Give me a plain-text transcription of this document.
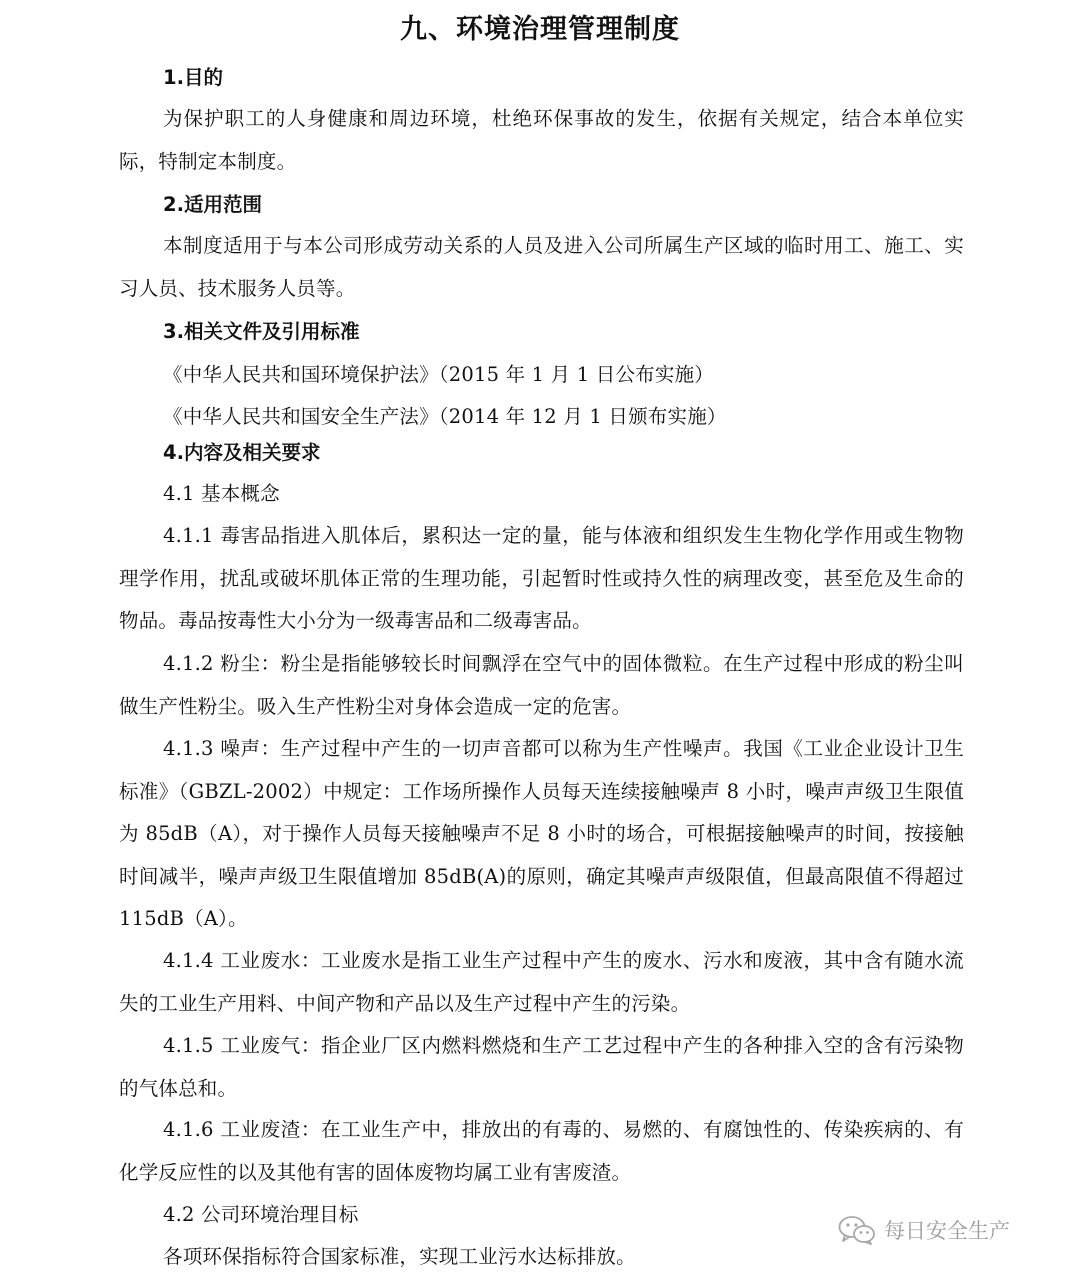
九、环境治理管理制度
1.目的
为保护职工的人身健康和周边环境，杜绝环保事故的发生，依据有关规定，结合本单位实际，特制定本制度。
2.适用范围
本制度适用于与本公司形成劳动关系的人员及进入公司所属生产区域的临时用工、施工、实习人员、技术服务人员等。
3.相关文件及引用标准
《中华人民共和国环境保护法》（2015 年 1 月 1 日公布实施）
《中华人民共和国安全生产法》（2014 年 12 月 1 日颁布实施）
4.内容及相关要求
4.1 基本概念
4.1.1 毒害品指进入肌体后，累积达一定的量，能与体液和组织发生生物化学作用或生物物理学作用，扰乱或破坏肌体正常的生理功能，引起暂时性或持久性的病理改变，甚至危及生命的物品。毒品按毒性大小分为一级毒害品和二级毒害品。
4.1.2 粉尘：粉尘是指能够较长时间飘浮在空气中的固体微粒。在生产过程中形成的粉尘叫做生产性粉尘。吸入生产性粉尘对身体会造成一定的危害。
4.1.3 噪声：生产过程中产生的一切声音都可以称为生产性噪声。我国《工业企业设计卫生标准》（GBZL-2002）中规定：工作场所操作人员每天连续接触噪声 8 小时，噪声声级卫生限值为 85dB（A），对于操作人员每天接触噪声不足 8 小时的场合，可根据接触噪声的时间，按接触时间减半，噪声声级卫生限值增加 85dB(A)的原则，确定其噪声声级限值，但最高限值不得超过 115dB（A）。
4.1.4 工业废水：工业废水是指工业生产过程中产生的废水、污水和废液，其中含有随水流失的工业生产用料、中间产物和产品以及生产过程中产生的污染。
4.1.5 工业废气：指企业厂区内燃料燃烧和生产工艺过程中产生的各种排入空的含有污染物的气体总和。
4.1.6 工业废渣：在工业生产中，排放出的有毒的、易燃的、有腐蚀性的、传染疾病的、有化学反应性的以及其他有害的固体废物均属工业有害废渣。
4.2 公司环境治理目标
各项环保指标符合国家标准，实现工业污水达标排放。
每日安全生产
